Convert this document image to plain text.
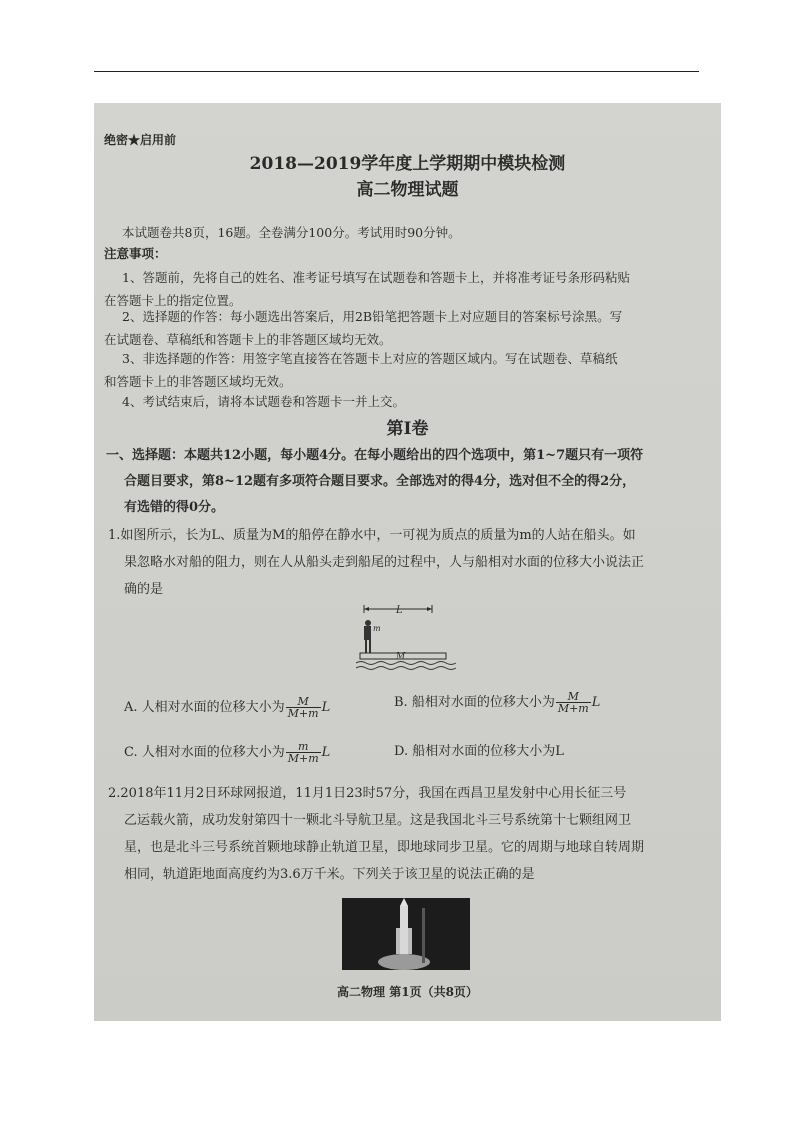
绝密★启用前
2018—2019学年度上学期期中模块检测
高二物理试题
本试题卷共8页，16题。全卷满分100分。考试用时90分钟。
注意事项：
1、答题前，先将自己的姓名、准考证号填写在试题卷和答题卡上，并将准考证号条形码粘贴
在答题卡上的指定位置。
2、选择题的作答：每小题选出答案后，用2B铅笔把答题卡上对应题目的答案标号涂黑。写
在试题卷、草稿纸和答题卡上的非答题区域均无效。
3、非选择题的作答：用签字笔直接答在答题卡上对应的答题区域内。写在试题卷、草稿纸
和答题卡上的非答题区域均无效。
4、考试结束后，请将本试题卷和答题卡一并上交。
第Ⅰ卷
一、选择题：本题共12小题，每小题4分。在每小题给出的四个选项中，第1~7题只有一项符
合题目要求，第8~12题有多项符合题目要求。全部选对的得4分，选对但不全的得2分，
有选错的得0分。
1.如图所示，长为L、质量为M的船停在静水中，一可视为质点的质量为m的人站在船头。如
果忽略水对船的阻力，则在人从船头走到船尾的过程中，人与船相对水面的位移大小说法正
确的是
L
m
M
A. 人相对水面的位移大小为 $\frac{M}{M+m}$ L	B. 船相对水面的位移大小为 $\frac{M}{M+m}$ L
C. 人相对水面的位移大小为 $\frac{m}{M+m}$ L	D. 船相对水面的位移大小为L
2.2018年11月2日环球网报道，11月1日23时57分，我国在西昌卫星发射中心用长征三号
乙运载火箭，成功发射第四十一颗北斗导航卫星。这是我国北斗三号系统第十七颗组网卫
星，也是北斗三号系统首颗地球静止轨道卫星，即地球同步卫星。它的周期与地球自转周期
相同，轨道距地面高度约为3.6万千米。下列关于该卫星的说法正确的是
高二物理 第1页（共8页）
